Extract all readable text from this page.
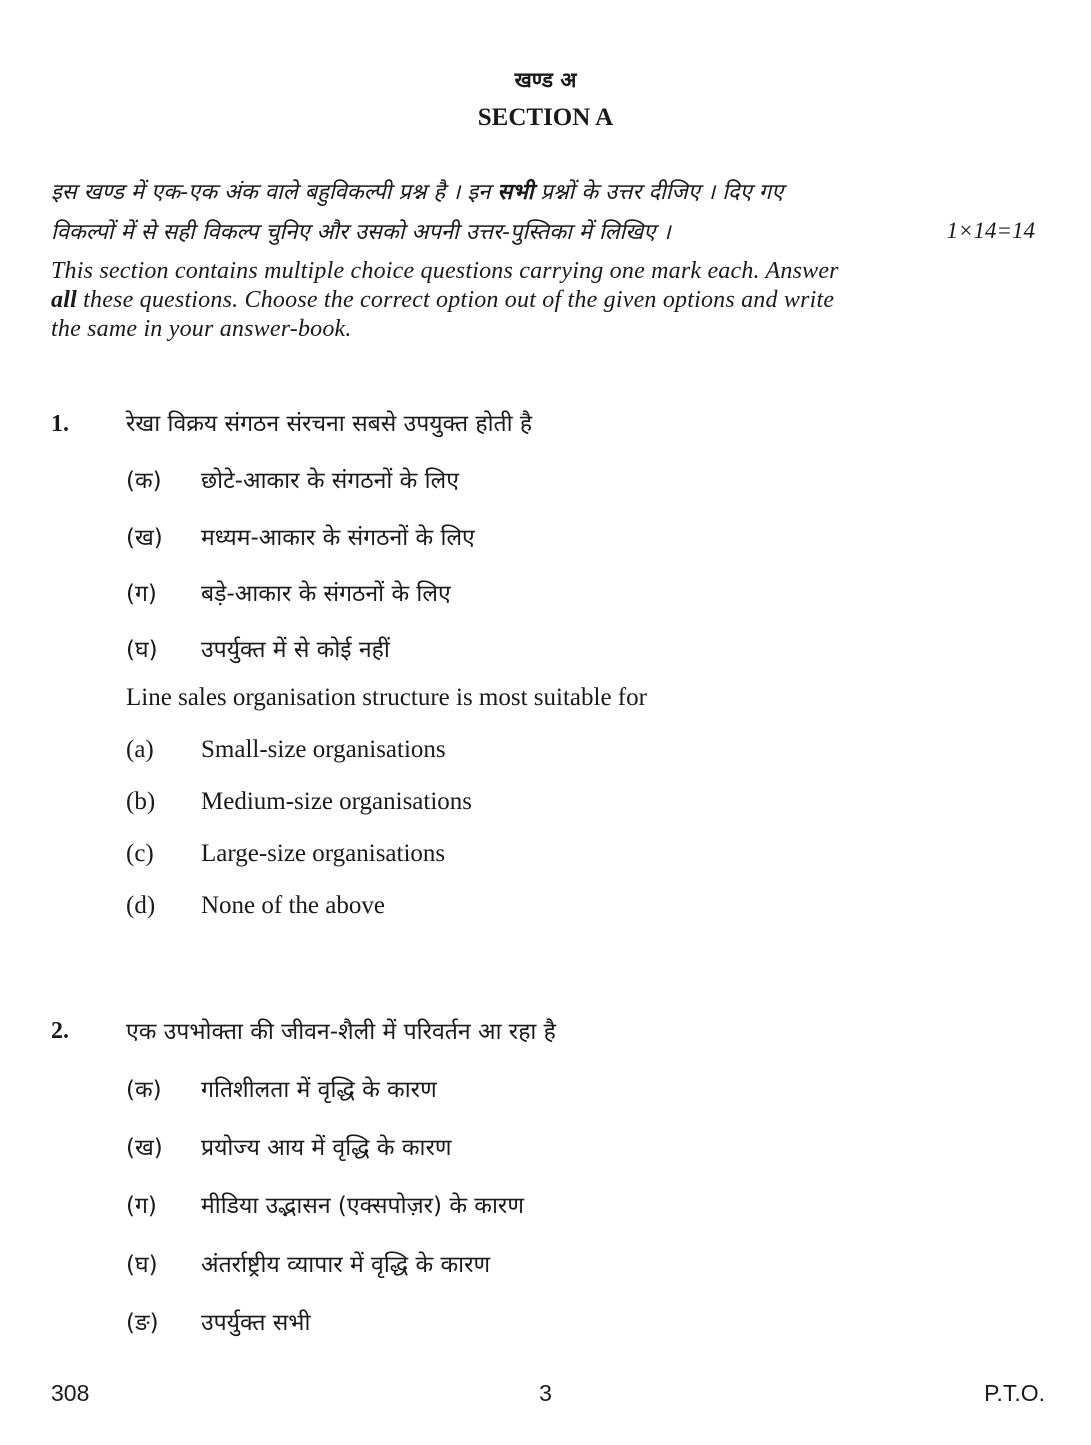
खण्ड अ
SECTION A
इस खण्ड में एक-एक अंक वाले बहुविकल्पी प्रश्न है । इन सभी प्रश्नों के उत्तर दीजिए । दिए गए
विकल्पों में से सही विकल्प चुनिए और उसको अपनी उत्तर-पुस्तिका में लिखिए ।	1×14=14
This section contains multiple choice questions carrying one mark each. Answer
all these questions. Choose the correct option out of the given options and write
the same in your answer-book.
1. रेखा विक्रय संगठन संरचना सबसे उपयुक्त होती है
(क) छोटे-आकार के संगठनों के लिए
(ख) मध्यम-आकार के संगठनों के लिए
(ग) बड़े-आकार के संगठनों के लिए
(घ) उपर्युक्त में से कोई नहीं
Line sales organisation structure is most suitable for
(a) Small-size organisations
(b) Medium-size organisations
(c) Large-size organisations
(d) None of the above
2. एक उपभोक्ता की जीवन-शैली में परिवर्तन आ रहा है
(क) गतिशीलता में वृद्धि के कारण
(ख) प्रयोज्य आय में वृद्धि के कारण
(ग) मीडिया उद्भासन (एक्सपोज़र) के कारण
(घ) अंतर्राष्ट्रीय व्यापार में वृद्धि के कारण
(ङ) उपर्युक्त सभी
308	3	P.T.O.
